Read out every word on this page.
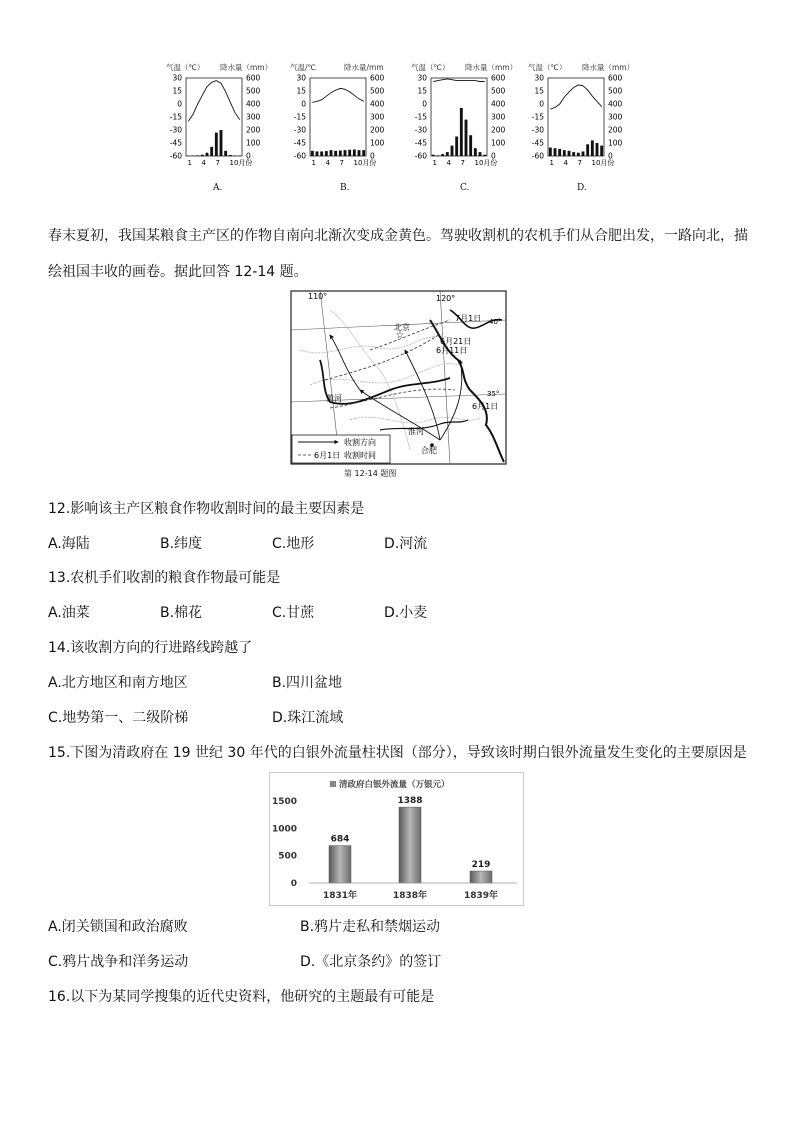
气温（℃） 降水量（mm）
30
15
0
-15
-30
-45
-60
600
500
400
300
200
100
0
1 4 7 10月份
气温/℃	降水量/mm
30
15
0
-15
-30
-45
-60
600
500
400
300
200
100
0
1 4 7 10月份
气温（℃） 降水量（mm）
30
15
0
-15
-30
-45
-60
600
500
400
300
200
100
0
1 4 7 10月份
气温（℃） 降水量（mm）
30
15
0
-15
-30
-45
-60
600
500
400
300
200
100
0
1 4 7 10月份
A.	B.	C.	D.
春末夏初，我国某粮食主产区的作物自南向北渐次变成金黄色。驾驶收割机的农机手们从合肥出发，一路向北，描绘祖国丰收的画卷。据此回答 12-14 题。
☆
110°	120°
40°
35°
北京
7月1日
6月21日
6月11日
6月1日
黄河
淮河
合肥
收割方向
6月1日 收割时间
第 12-14 题图
12.影响该主产区粮食作物收割时间的最主要因素是
A.海陆	B.纬度	C.地形	D.河流
13.农机手们收割的粮食作物最可能是
A.油菜	B.棉花	C.甘蔗	D.小麦
14.该收割方向的行进路线跨越了
A.北方地区和南方地区	B.四川盆地
C.地势第一、二级阶梯	D.珠江流域
15.下图为清政府在 19 世纪 30 年代的白银外流量柱状图（部分），导致该时期白银外流量发生变化的主要原因是
清政府白银外流量（万银元）
1500
1000
500
0
684
1831年
1388
1838年
219
1839年
A.闭关锁国和政治腐败	B.鸦片走私和禁烟运动
C.鸦片战争和洋务运动	D.《北京条约》的签订
16.以下为某同学搜集的近代史资料，他研究的主题最有可能是
